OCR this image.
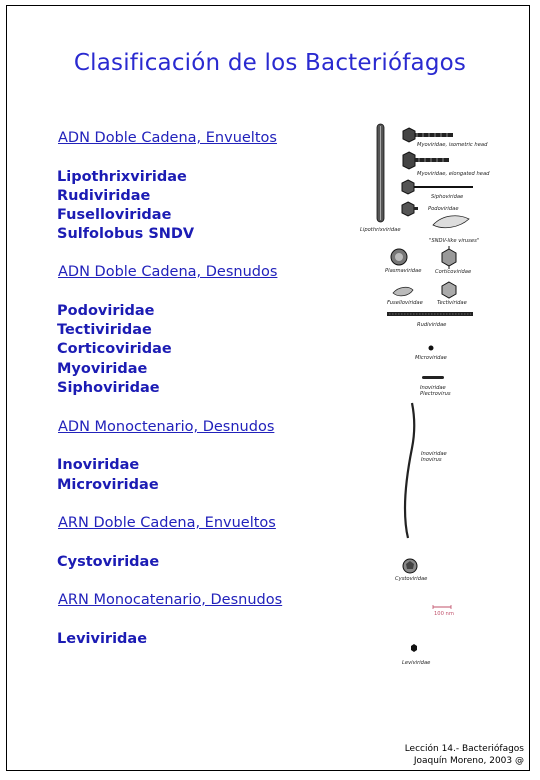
Clasificación de los Bacteriófagos
ADN Doble Cadena, Envueltos
Lipothrixviridae
Rudiviridae
Fuselloviridae
Sulfolobus SNDV
ADN Doble Cadena, Desnudos
Podoviridae
Tectiviridae
Corticoviridae
Myoviridae
Siphoviridae
ADN Monoctenario, Desnudos
Inoviridae
Microviridae
ARN Doble Cadena, Envueltos
Cystoviridae
ARN Monocatenario, Desnudos
Leviviridae
Lipothrixviridae
Myoviridae, isometric head
Myoviridae, elongated head
Siphoviridae
Podoviridae
"SNDV-like viruses"
Plasmaviridae	Corticoviridae
Fuselloviridae	Tectiviridae
Rudiviridae
Microviridae
Inoviridae
Plectrovirus
Inoviridae
Inovirus
Cystoviridae
100 nm
Leviviridae
Lección 14.- Bacteriófagos
Joaquín Moreno, 2003 @
